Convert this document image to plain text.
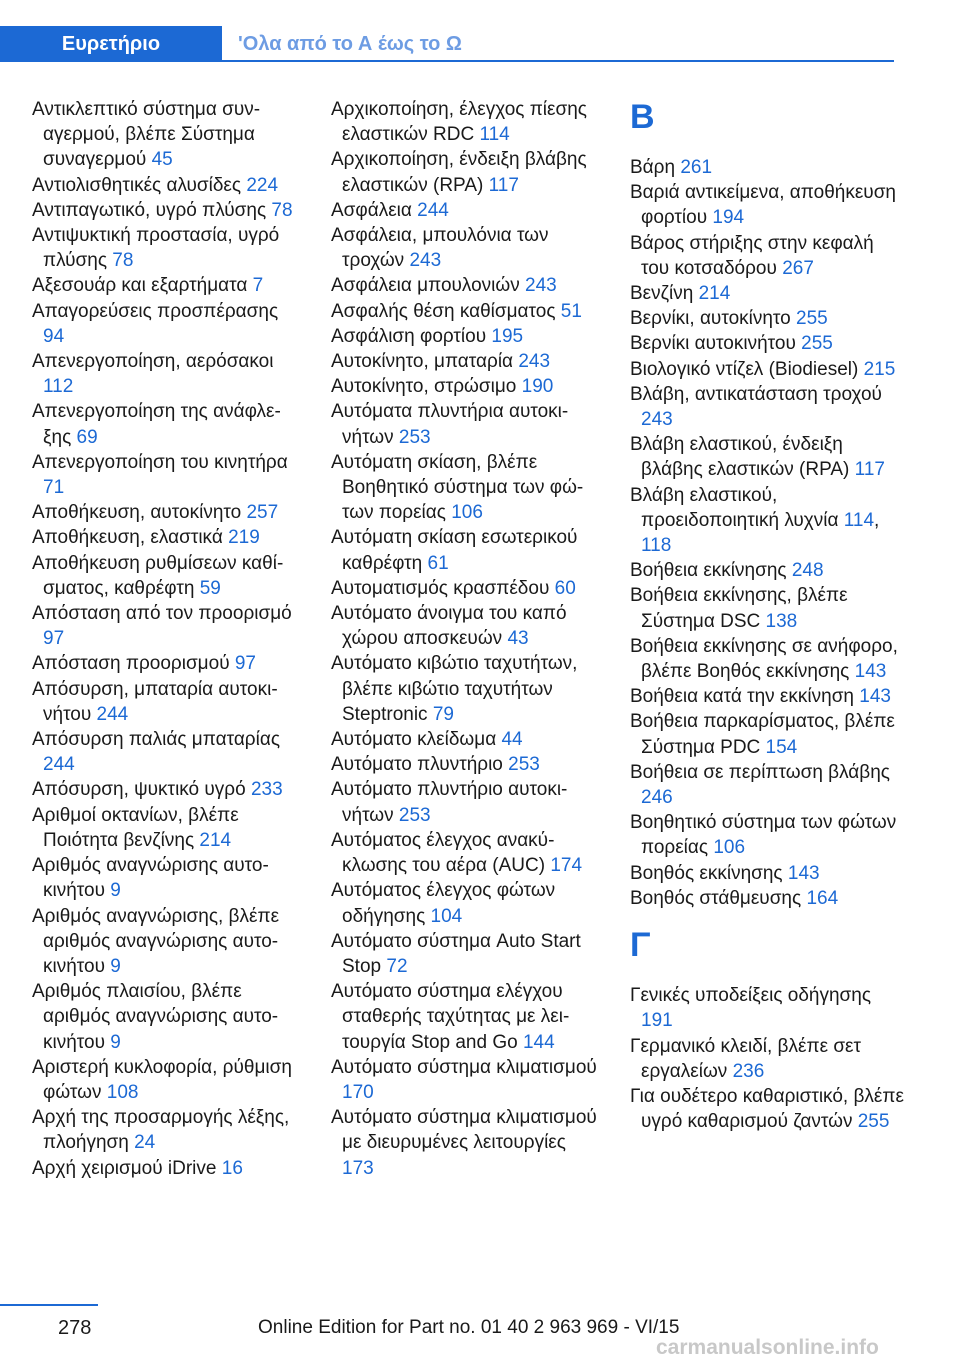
Ευρετήριο	'Ολα από το Α έως το Ω
Αντικλεπτικό σύστημα συναγερμού, βλέπε Σύστημα συναγερμού 45
Αντιολισθητικές αλυσίδες 224
Αντιπαγωτικό, υγρό πλύσης 78
Αντιψυκτική προστασία, υγρό πλύσης 78
Αξεσουάρ και εξαρτήματα 7
Απαγορεύσεις προσπέρασης 94
Απενεργοποίηση, αερόσακοι 112
Απενεργοποίηση της ανάφλεξης 69
Απενεργοποίηση του κινητήρα 71
Αποθήκευση, αυτοκίνητο 257
Αποθήκευση, ελαστικά 219
Αποθήκευση ρυθμίσεων καθίσματος, καθρέφτη 59
Απόσταση από τον προορισμό 97
Απόσταση προορισμού 97
Απόσυρση, μπαταρία αυτοκινήτου 244
Απόσυρση παλιάς μπαταρίας 244
Απόσυρση, ψυκτικό υγρό 233
Αριθμοί οκτανίων, βλέπε Ποιότητα βενζίνης 214
Αριθμός αναγνώρισης αυτοκινήτου 9
Αριθμός αναγνώρισης, βλέπε αριθμός αναγνώρισης αυτοκινήτου 9
Αριθμός πλαισίου, βλέπε αριθμός αναγνώρισης αυτοκινήτου 9
Αριστερή κυκλοφορία, ρύθμιση φώτων 108
Αρχή της προσαρμογής λέξης, πλοήγηση 24
Αρχή χειρισμού iDrive 16
Αρχικοποίηση, έλεγχος πίεσης ελαστικών RDC 114
Αρχικοποίηση, ένδειξη βλάβης ελαστικών (RPA) 117
Ασφάλεια 244
Ασφάλεια, μπουλόνια των τροχών 243
Ασφάλεια μπουλονιών 243
Ασφαλής θέση καθίσματος 51
Ασφάλιση φορτίου 195
Αυτοκίνητο, μπαταρία 243
Αυτοκίνητο, στρώσιμο 190
Αυτόματα πλυντήρια αυτοκινήτων 253
Αυτόματη σκίαση, βλέπε Βοηθητικό σύστημα των φώτων πορείας 106
Αυτόματη σκίαση εσωτερικού καθρέφτη 61
Αυτοματισμός κρασπέδου 60
Αυτόματο άνοιγμα του καπό χώρου αποσκευών 43
Αυτόματο κιβώτιο ταχυτήτων, βλέπε κιβώτιο ταχυτήτων Steptronic 79
Αυτόματο κλείδωμα 44
Αυτόματο πλυντήριο 253
Αυτόματο πλυντήριο αυτοκινήτων 253
Αυτόματος έλεγχος ανακύκλωσης του αέρα (AUC) 174
Αυτόματος έλεγχος φώτων οδήγησης 104
Αυτόματο σύστημα Auto Start Stop 72
Αυτόματο σύστημα ελέγχου σταθερής ταχύτητας με λειτουργία Stop and Go 144
Αυτόματο σύστημα κλιματισμού 170
Αυτόματο σύστημα κλιματισμού με διευρυμένες λειτουργίες 173
B
Βάρη 261
Βαριά αντικείμενα, αποθήκευση φορτίου 194
Βάρος στήριξης στην κεφαλή του κοτσαδόρου 267
Βενζίνη 214
Βερνίκι, αυτοκίνητο 255
Βερνίκι αυτοκινήτου 255
Βιολογικό ντίζελ (Biodiesel) 215
Βλάβη, αντικατάσταση τροχού 243
Βλάβη ελαστικού, ένδειξη βλάβης ελαστικών (RPA) 117
Βλάβη ελαστικού, προειδοποιητική λυχνία 114, 118
Βοήθεια εκκίνησης 248
Βοήθεια εκκίνησης, βλέπε Σύστημα DSC 138
Βοήθεια εκκίνησης σε ανήφορο, βλέπε Βοηθός εκκίνησης 143
Βοήθεια κατά την εκκίνηση 143
Βοήθεια παρκαρίσματος, βλέπε Σύστημα PDC 154
Βοήθεια σε περίπτωση βλάβης 246
Βοηθητικό σύστημα των φώτων πορείας 106
Βοηθός εκκίνησης 143
Βοηθός στάθμευσης 164
Γ
Γενικές υποδείξεις οδήγησης 191
Γερμανικό κλειδί, βλέπε σετ εργαλείων 236
Για ουδέτερο καθαριστικό, βλέπε υγρό καθαρισμού ζαντών 255
278	Online Edition for Part no. 01 40 2 963 969 - VI/15
carmanualsonline.info
